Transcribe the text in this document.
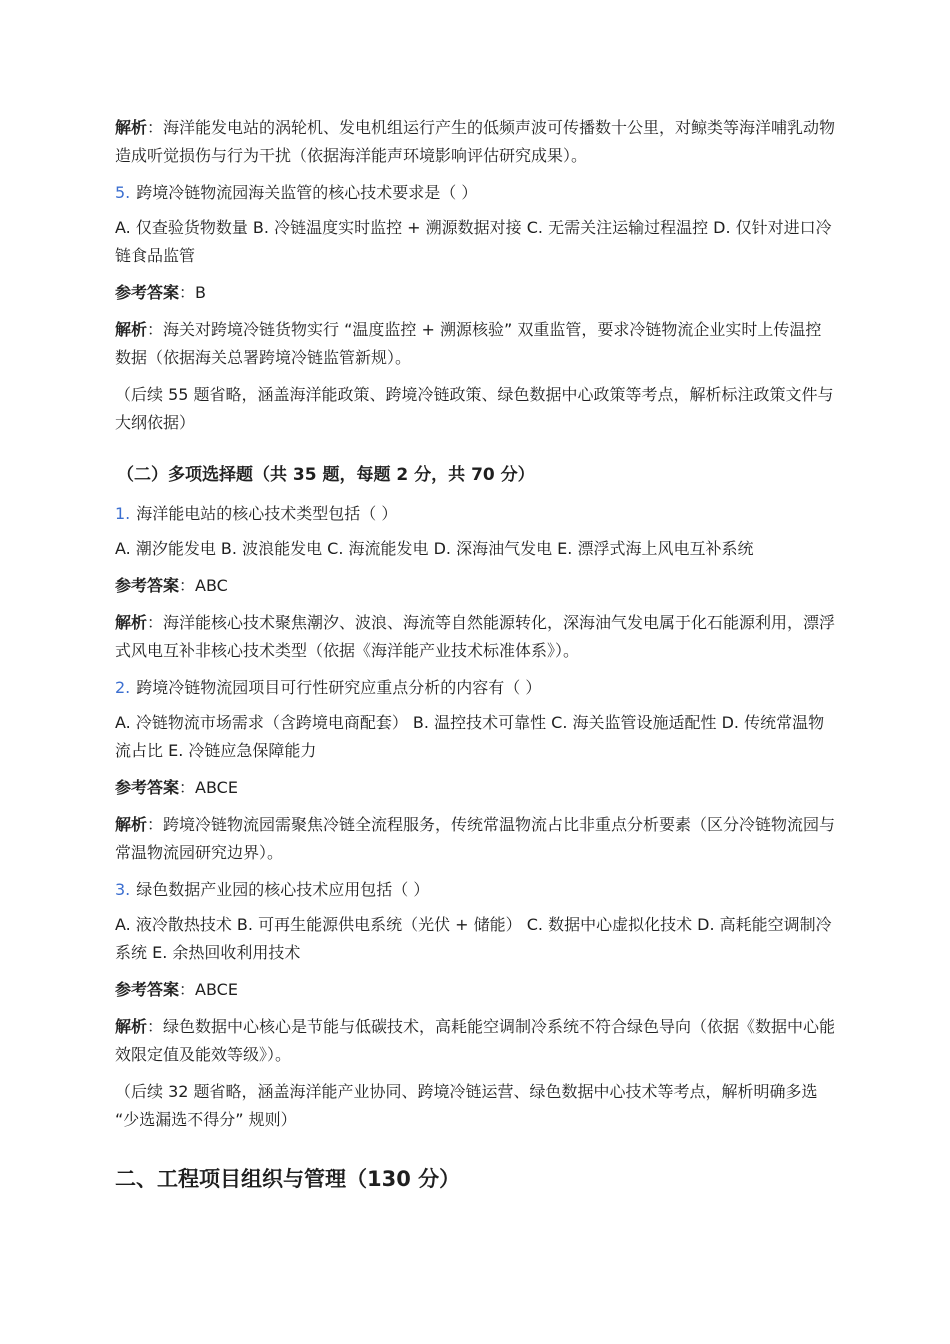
解析：海洋能发电站的涡轮机、发电机组运行产生的低频声波可传播数十公里，对鲸类等海洋哺乳动物造成听觉损伤与行为干扰（依据海洋能声环境影响评估研究成果）。

5. 跨境冷链物流园海关监管的核心技术要求是（ ）

A. 仅查验货物数量 B. 冷链温度实时监控 + 溯源数据对接 C. 无需关注运输过程温控 D. 仅针对进口冷链食品监管

参考答案：B

解析：海关对跨境冷链货物实行 “温度监控 + 溯源核验” 双重监管，要求冷链物流企业实时上传温控数据（依据海关总署跨境冷链监管新规）。

（后续 55 题省略，涵盖海洋能政策、跨境冷链政策、绿色数据中心政策等考点，解析标注政策文件与大纲依据）

（二）多项选择题（共 35 题，每题 2 分，共 70 分）

1. 海洋能电站的核心技术类型包括（ ）

A. 潮汐能发电 B. 波浪能发电 C. 海流能发电 D. 深海油气发电 E. 漂浮式海上风电互补系统

参考答案：ABC

解析：海洋能核心技术聚焦潮汐、波浪、海流等自然能源转化，深海油气发电属于化石能源利用，漂浮式风电互补非核心技术类型（依据《海洋能产业技术标准体系》）。

2. 跨境冷链物流园项目可行性研究应重点分析的内容有（ ）

A. 冷链物流市场需求（含跨境电商配套） B. 温控技术可靠性 C. 海关监管设施适配性 D. 传统常温物流占比 E. 冷链应急保障能力

参考答案：ABCE

解析：跨境冷链物流园需聚焦冷链全流程服务，传统常温物流占比非重点分析要素（区分冷链物流园与常温物流园研究边界）。

3. 绿色数据产业园的核心技术应用包括（ ）

A. 液冷散热技术 B. 可再生能源供电系统（光伏 + 储能） C. 数据中心虚拟化技术 D. 高耗能空调制冷系统 E. 余热回收利用技术

参考答案：ABCE

解析：绿色数据中心核心是节能与低碳技术，高耗能空调制冷系统不符合绿色导向（依据《数据中心能效限定值及能效等级》）。

（后续 32 题省略，涵盖海洋能产业协同、跨境冷链运营、绿色数据中心技术等考点，解析明确多选 “少选漏选不得分” 规则）

二、工程项目组织与管理（130 分）
